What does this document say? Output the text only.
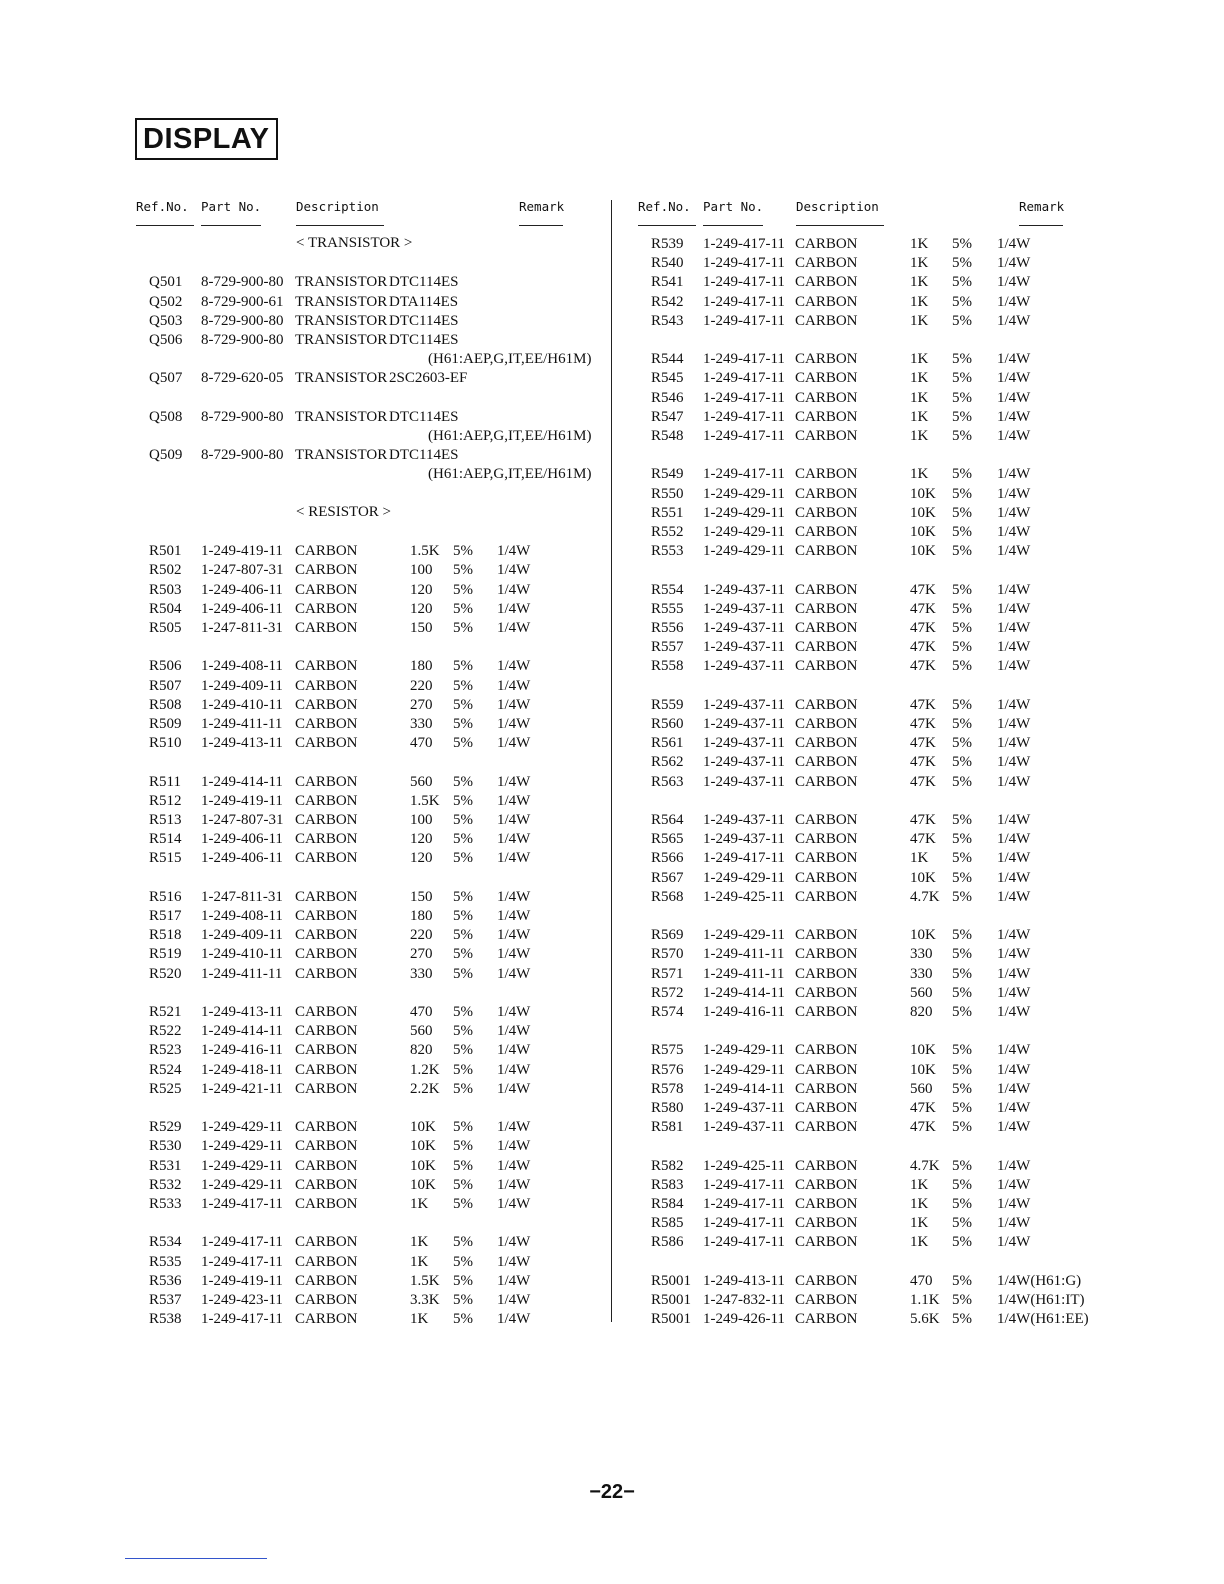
DISPLAY
Ref.No. Part No.	Description	Remark	Ref.No. Part No.	Description	Remark
< TRANSISTOR >
< RESISTOR >
Q501 8-729-900-80 TRANSISTOR DTC114ES
Q502 8-729-900-61 TRANSISTOR DTA114ES
Q503 8-729-900-80 TRANSISTOR DTC114ES
Q506 8-729-900-80 TRANSISTOR DTC114ES
(H61:AEP,G,IT,EE/H61M)
Q507 8-729-620-05 TRANSISTOR 2SC2603-EF
Q508 8-729-900-80 TRANSISTOR DTC114ES
(H61:AEP,G,IT,EE/H61M)
Q509 8-729-900-80 TRANSISTOR DTC114ES
(H61:AEP,G,IT,EE/H61M)
R501 1-249-419-11 CARBON	1.5K 5% 1/4W
R502 1-247-807-31 CARBON	100 5% 1/4W
R503 1-249-406-11 CARBON	120 5% 1/4W
R504 1-249-406-11 CARBON	120 5% 1/4W
R505 1-247-811-31 CARBON	150 5% 1/4W
R506 1-249-408-11 CARBON	180 5% 1/4W
R507 1-249-409-11 CARBON	220 5% 1/4W
R508 1-249-410-11 CARBON	270 5% 1/4W
R509 1-249-411-11 CARBON	330 5% 1/4W
R510 1-249-413-11 CARBON	470 5% 1/4W
R511 1-249-414-11 CARBON	560 5% 1/4W
R512 1-249-419-11 CARBON	1.5K 5% 1/4W
R513 1-247-807-31 CARBON	100 5% 1/4W
R514 1-249-406-11 CARBON	120 5% 1/4W
R515 1-249-406-11 CARBON	120 5% 1/4W
R516 1-247-811-31 CARBON	150 5% 1/4W
R517 1-249-408-11 CARBON	180 5% 1/4W
R518 1-249-409-11 CARBON	220 5% 1/4W
R519 1-249-410-11 CARBON	270 5% 1/4W
R520 1-249-411-11 CARBON	330 5% 1/4W
R521 1-249-413-11 CARBON	470 5% 1/4W
R522 1-249-414-11 CARBON	560 5% 1/4W
R523 1-249-416-11 CARBON	820 5% 1/4W
R524 1-249-418-11 CARBON	1.2K 5% 1/4W
R525 1-249-421-11 CARBON	2.2K 5% 1/4W
R529 1-249-429-11 CARBON	10K 5% 1/4W
R530 1-249-429-11 CARBON	10K 5% 1/4W
R531 1-249-429-11 CARBON	10K 5% 1/4W
R532 1-249-429-11 CARBON	10K 5% 1/4W
R533 1-249-417-11 CARBON	1K 5% 1/4W
R534 1-249-417-11 CARBON	1K 5% 1/4W
R535 1-249-417-11 CARBON	1K 5% 1/4W
R536 1-249-419-11 CARBON	1.5K 5% 1/4W
R537 1-249-423-11 CARBON	3.3K 5% 1/4W
R538 1-249-417-11 CARBON	1K 5% 1/4W
R539 1-249-417-11 CARBON	1K 5% 1/4W
R540 1-249-417-11 CARBON	1K 5% 1/4W
R541 1-249-417-11 CARBON	1K 5% 1/4W
R542 1-249-417-11 CARBON	1K 5% 1/4W
R543 1-249-417-11 CARBON	1K 5% 1/4W
R544 1-249-417-11 CARBON	1K 5% 1/4W
R545 1-249-417-11 CARBON	1K 5% 1/4W
R546 1-249-417-11 CARBON	1K 5% 1/4W
R547 1-249-417-11 CARBON	1K 5% 1/4W
R548 1-249-417-11 CARBON	1K 5% 1/4W
R549 1-249-417-11 CARBON	1K 5% 1/4W
R550 1-249-429-11 CARBON	10K 5% 1/4W
R551 1-249-429-11 CARBON	10K 5% 1/4W
R552 1-249-429-11 CARBON	10K 5% 1/4W
R553 1-249-429-11 CARBON	10K 5% 1/4W
R554 1-249-437-11 CARBON	47K 5% 1/4W
R555 1-249-437-11 CARBON	47K 5% 1/4W
R556 1-249-437-11 CARBON	47K 5% 1/4W
R557 1-249-437-11 CARBON	47K 5% 1/4W
R558 1-249-437-11 CARBON	47K 5% 1/4W
R559 1-249-437-11 CARBON	47K 5% 1/4W
R560 1-249-437-11 CARBON	47K 5% 1/4W
R561 1-249-437-11 CARBON	47K 5% 1/4W
R562 1-249-437-11 CARBON	47K 5% 1/4W
R563 1-249-437-11 CARBON	47K 5% 1/4W
R564 1-249-437-11 CARBON	47K 5% 1/4W
R565 1-249-437-11 CARBON	47K 5% 1/4W
R566 1-249-417-11 CARBON	1K 5% 1/4W
R567 1-249-429-11 CARBON	10K 5% 1/4W
R568 1-249-425-11 CARBON	4.7K 5% 1/4W
R569 1-249-429-11 CARBON	10K 5% 1/4W
R570 1-249-411-11 CARBON	330 5% 1/4W
R571 1-249-411-11 CARBON	330 5% 1/4W
R572 1-249-414-11 CARBON	560 5% 1/4W
R574 1-249-416-11 CARBON	820 5% 1/4W
R575 1-249-429-11 CARBON	10K 5% 1/4W
R576 1-249-429-11 CARBON	10K 5% 1/4W
R578 1-249-414-11 CARBON	560 5% 1/4W
R580 1-249-437-11 CARBON	47K 5% 1/4W
R581 1-249-437-11 CARBON	47K 5% 1/4W
R582 1-249-425-11 CARBON	4.7K 5% 1/4W
R583 1-249-417-11 CARBON	1K 5% 1/4W
R584 1-249-417-11 CARBON	1K 5% 1/4W
R585 1-249-417-11 CARBON	1K 5% 1/4W
R586 1-249-417-11 CARBON	1K 5% 1/4W
R5001 1-249-413-11 CARBON	470 5% 1/4W(H61:G)
R5001 1-247-832-11 CARBON	1.1K 5% 1/4W(H61:IT)
R5001 1-249-426-11 CARBON	5.6K 5% 1/4W(H61:EE)
−22−
